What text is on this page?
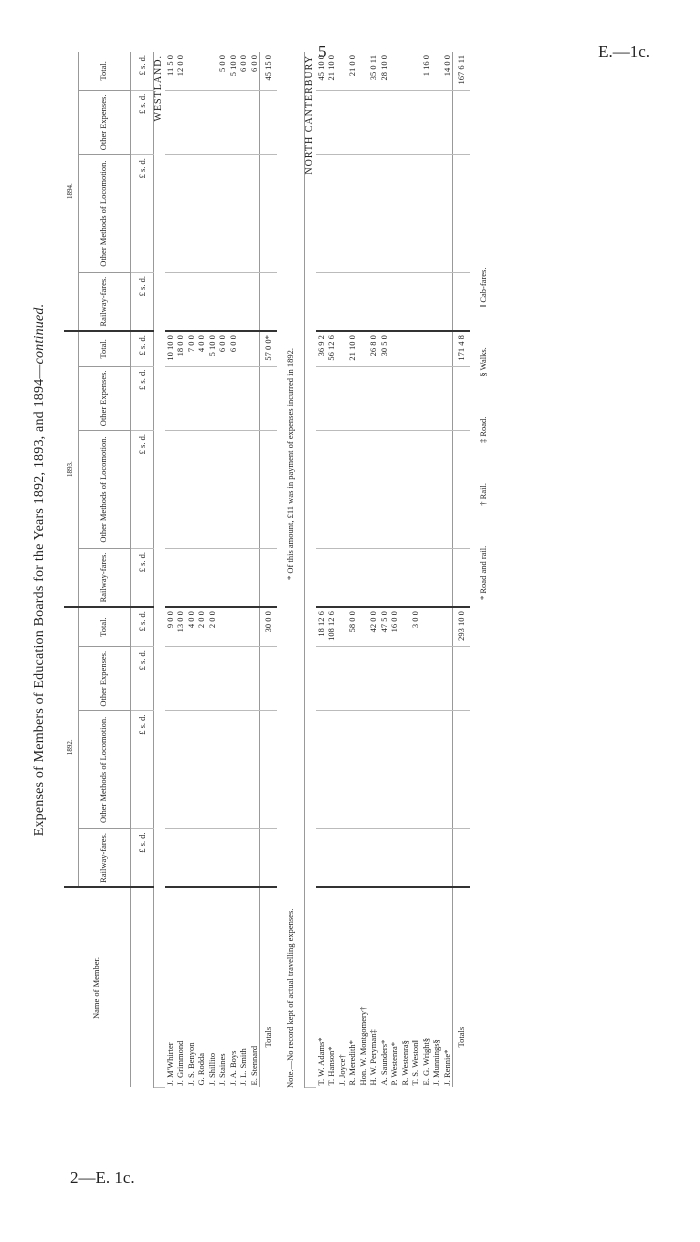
5	E.—1c.
2—E. 1c.
Expenses of Members of Education Boards for the Years 1892, 1893, and 1894—continued.
Name of Member.	1892.				1893.				1894.			
	Railway-fares.	Other Methods of Locomotion.	Other Expenses.	Total.	Railway-fares.	Other Methods of Locomotion.	Other Expenses.	Total.	Railway-fares.	Other Methods of Locomotion.	Other Expenses.	Total.
	£ s. d.	£ s. d.	£ s. d.	£ s. d.	£ s. d.	£ s. d.	£ s. d.	£ s. d.	£ s. d.	£ s. d.	£ s. d.	£ s. d.
WESTLAND.												
J. M'Whirter				9 0 0				10 10 0				11 5 0
J. Grimmond				13 0 0				18 0 0				12 0 0
J. S. Benyon				4 0 0				7 0 0				
G. Rodda				2 0 0				4 0 0				
J. Shillito				2 0 0				5 10 0				
J. Staines								6 0 0				5 0 0
J. A. Boys								6 0 0				5 10 0
J. L. Smith												6 0 0
E. Stennard												6 0 0
Totals				30 0 0				57 0 0*				45 15 0

NORTH CANTERBURY												
T. W. Adams*				18 12 6				36 9 2				45 10 0
T. Hanson*				108 12 6				56 12 6				21 10 0
J. Joyce†												
R. Meredith*				58 0 0				21 10 0				21 0 0
Hon. W. Montgomery†												
H. W. Peryman‡				42 0 0				26 8 0				35 0 11
A. Saunders*				47 5 0				30 5 0				28 10 0
P. Westenra*				16 0 0								
R. Westenra§												
T. S. Weston‖				3 0 0								
E. G. Wright§												1 16 0
J. Munnings§												
J. Rennie*												14 0 0
Totals				293 10 0				171 4 8				167 6 11
Note.—No record kept of actual travelling expenses.
* Of this amount, £11 was in payment of expenses incurred in 1892.	* Road and rail.
† Rail.
‡ Road.
§ Walks.
‖ Cab-fares.
